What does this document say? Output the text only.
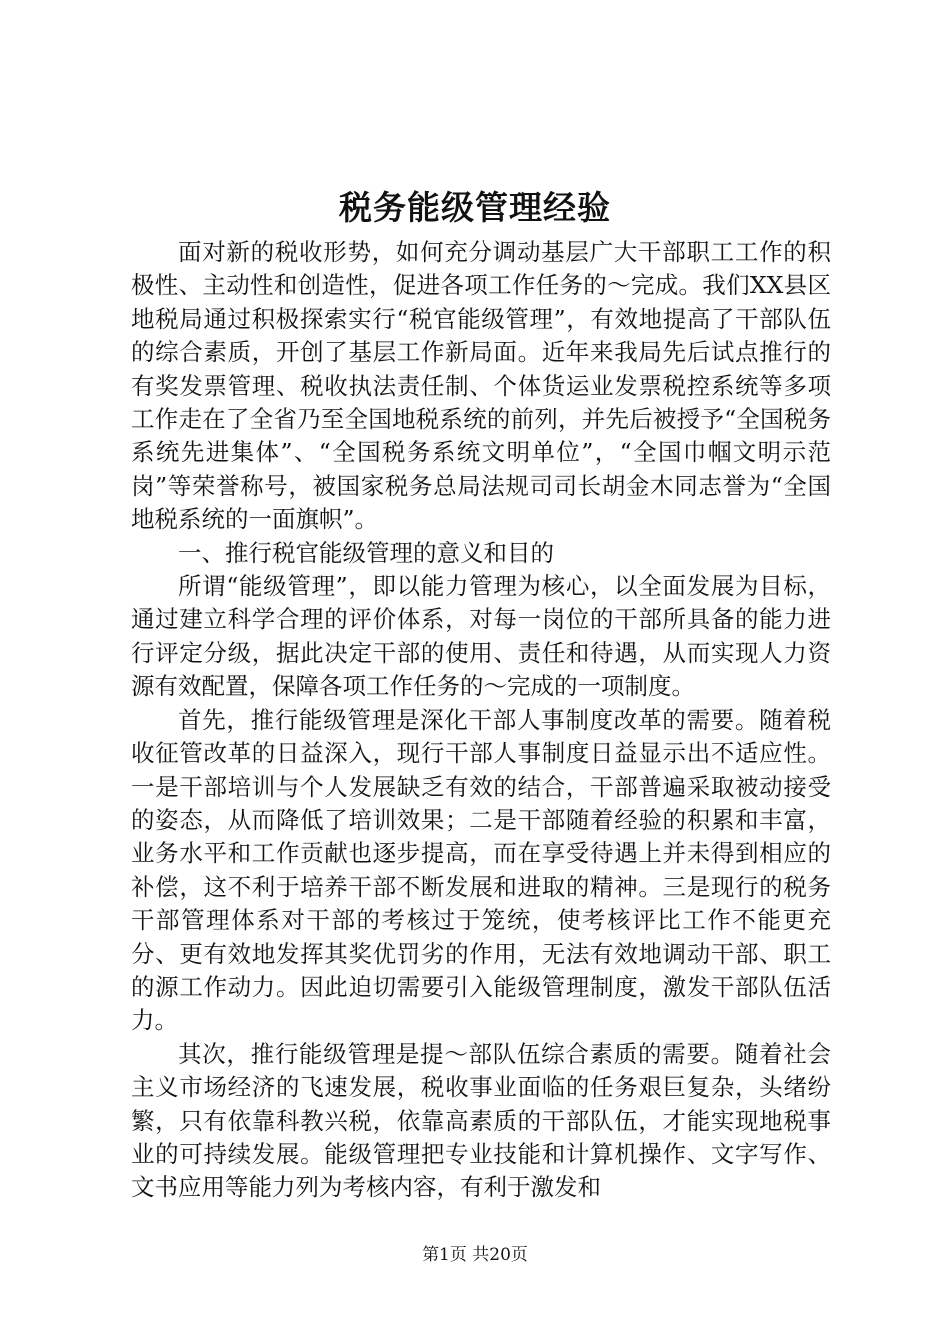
税务能级管理经验

面对新的税收形势，如何充分调动基层广大干部职工工作的积极性、主动性和创造性，促进各项工作任务的～完成。我们XX县区地税局通过积极探索实行“税官能级管理”，有效地提高了干部队伍的综合素质，开创了基层工作新局面。近年来我局先后试点推行的有奖发票管理、税收执法责任制、个体货运业发票税控系统等多项工作走在了全省乃至全国地税系统的前列，并先后被授予“全国税务系统先进集体”、“全国税务系统文明单位”，“全国巾帼文明示范岗”等荣誉称号，被国家税务总局法规司司长胡金木同志誉为“全国地税系统的一面旗帜”。

一、推行税官能级管理的意义和目的

所谓“能级管理”，即以能力管理为核心，以全面发展为目标，通过建立科学合理的评价体系，对每一岗位的干部所具备的能力进行评定分级，据此决定干部的使用、责任和待遇，从而实现人力资源有效配置，保障各项工作任务的～完成的一项制度。

首先，推行能级管理是深化干部人事制度改革的需要。随着税收征管改革的日益深入，现行干部人事制度日益显示出不适应性。一是干部培训与个人发展缺乏有效的结合，干部普遍采取被动接受的姿态，从而降低了培训效果；二是干部随着经验的积累和丰富，业务水平和工作贡献也逐步提高，而在享受待遇上并未得到相应的补偿，这不利于培养干部不断发展和进取的精神。三是现行的税务干部管理体系对干部的考核过于笼统，使考核评比工作不能更充分、更有效地发挥其奖优罚劣的作用，无法有效地调动干部、职工的源工作动力。因此迫切需要引入能级管理制度，激发干部队伍活力。

其次，推行能级管理是提～部队伍综合素质的需要。随着社会主义市场经济的飞速发展，税收事业面临的任务艰巨复杂，头绪纷繁，只有依靠科教兴税，依靠高素质的干部队伍，才能实现地税事业的可持续发展。能级管理把专业技能和计算机操作、文字写作、文书应用等能力列为考核内容，有利于激发和

第1页 共20页
